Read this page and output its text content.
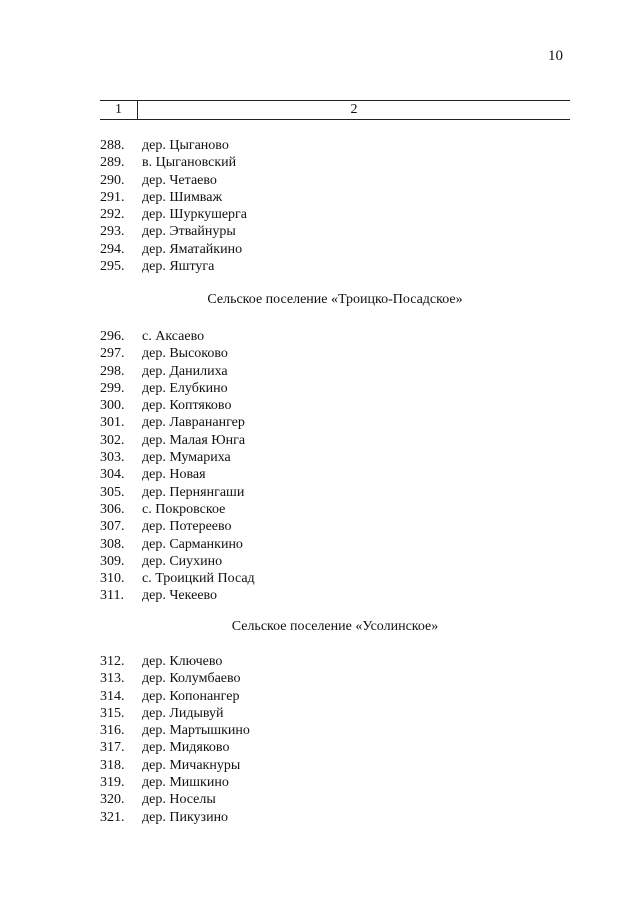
10
1	2
288.	дер. Цыганово
289.	в. Цыгановский
290.	дер. Четаево
291.	дер. Шимваж
292.	дер. Шуркушерга
293.	дер. Этвайнуры
294.	дер. Яматайкино
295.	дер. Яштуга
Сельское поселение «Троицко-Посадское»
296.	с. Аксаево
297.	дер. Высоково
298.	дер. Данилиха
299.	дер. Елубкино
300.	дер. Коптяково
301.	дер. Лавранангер
302.	дер. Малая Юнга
303.	дер. Мумариха
304.	дер. Новая
305.	дер. Пернянгаши
306.	с. Покровское
307.	дер. Потереево
308.	дер. Сарманкино
309.	дер. Сиухино
310.	с. Троицкий Посад
311.	дер. Чекеево
Сельское поселение «Усолинское»
312.	дер. Ключево
313.	дер. Колумбаево
314.	дер. Копонангер
315.	дер. Лидывуй
316.	дер. Мартышкино
317.	дер. Мидяково
318.	дер. Мичакнуры
319.	дер. Мишкино
320.	дер. Носелы
321.	дер. Пикузино
